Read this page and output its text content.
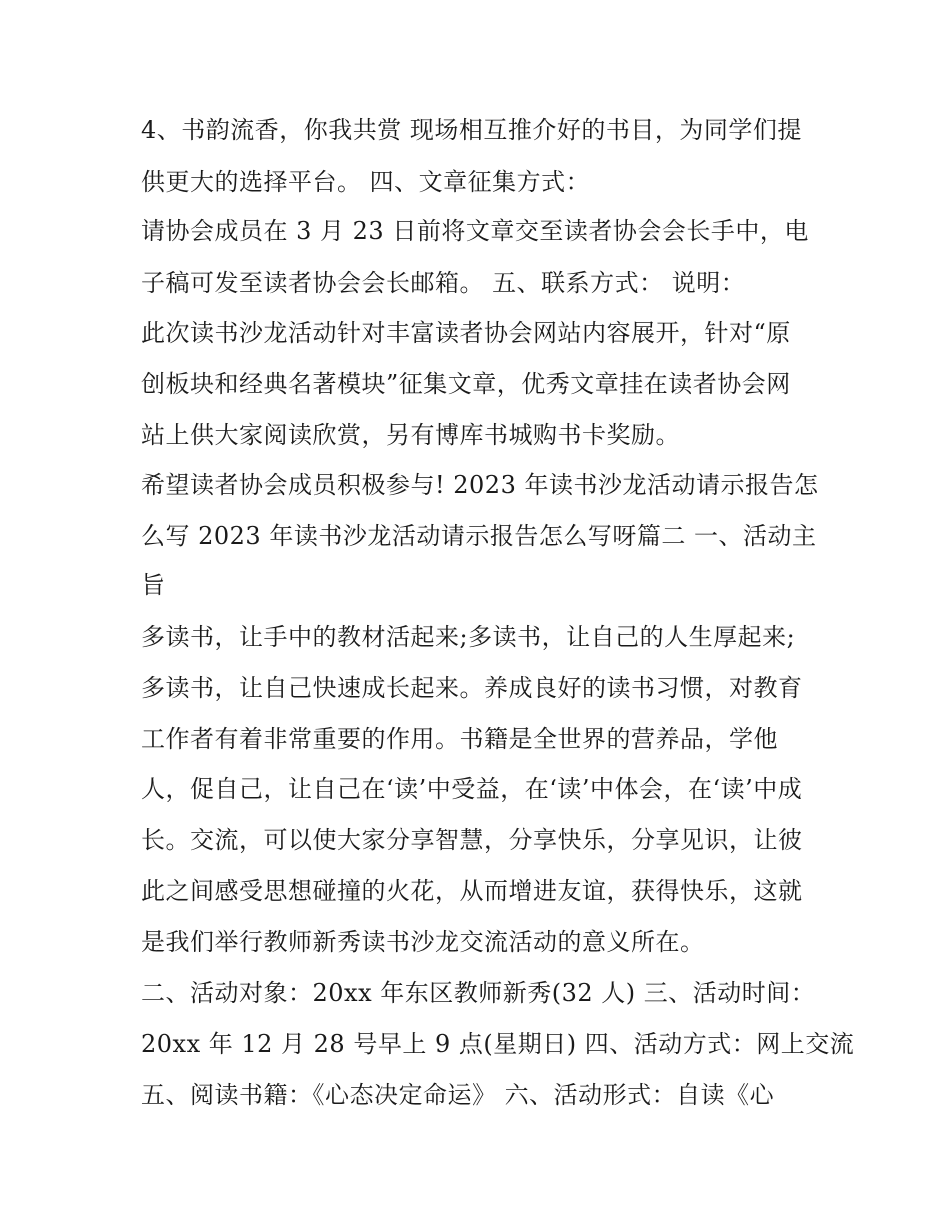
4、书韵流香，你我共赏 现场相互推介好的书目，为同学们提
供更大的选择平台。 四、文章征集方式：
请协会成员在 3 月 23 日前将文章交至读者协会会长手中，电
子稿可发至读者协会会长邮箱。 五、联系方式： 说明：
此次读书沙龙活动针对丰富读者协会网站内容展开，针对“原
创板块和经典名著模块”征集文章，优秀文章挂在读者协会网
站上供大家阅读欣赏，另有博库书城购书卡奖励。
希望读者协会成员积极参与! 2023 年读书沙龙活动请示报告怎
么写 2023 年读书沙龙活动请示报告怎么写呀篇二 一、活动主
旨
多读书，让手中的教材活起来;多读书，让自己的人生厚起来;
多读书，让自己快速成长起来。养成良好的读书习惯，对教育
工作者有着非常重要的作用。书籍是全世界的营养品，学他
人，促自己，让自己在‘读’中受益，在‘读’中体会，在‘读’中成
长。交流，可以使大家分享智慧，分享快乐，分享见识，让彼
此之间感受思想碰撞的火花，从而增进友谊，获得快乐，这就
是我们举行教师新秀读书沙龙交流活动的意义所在。
二、活动对象：20xx 年东区教师新秀(32 人) 三、活动时间：
20xx 年 12 月 28 号早上 9 点(星期日) 四、活动方式：网上交流
五、阅读书籍：《心态决定命运》 六、活动形式：自读《心
